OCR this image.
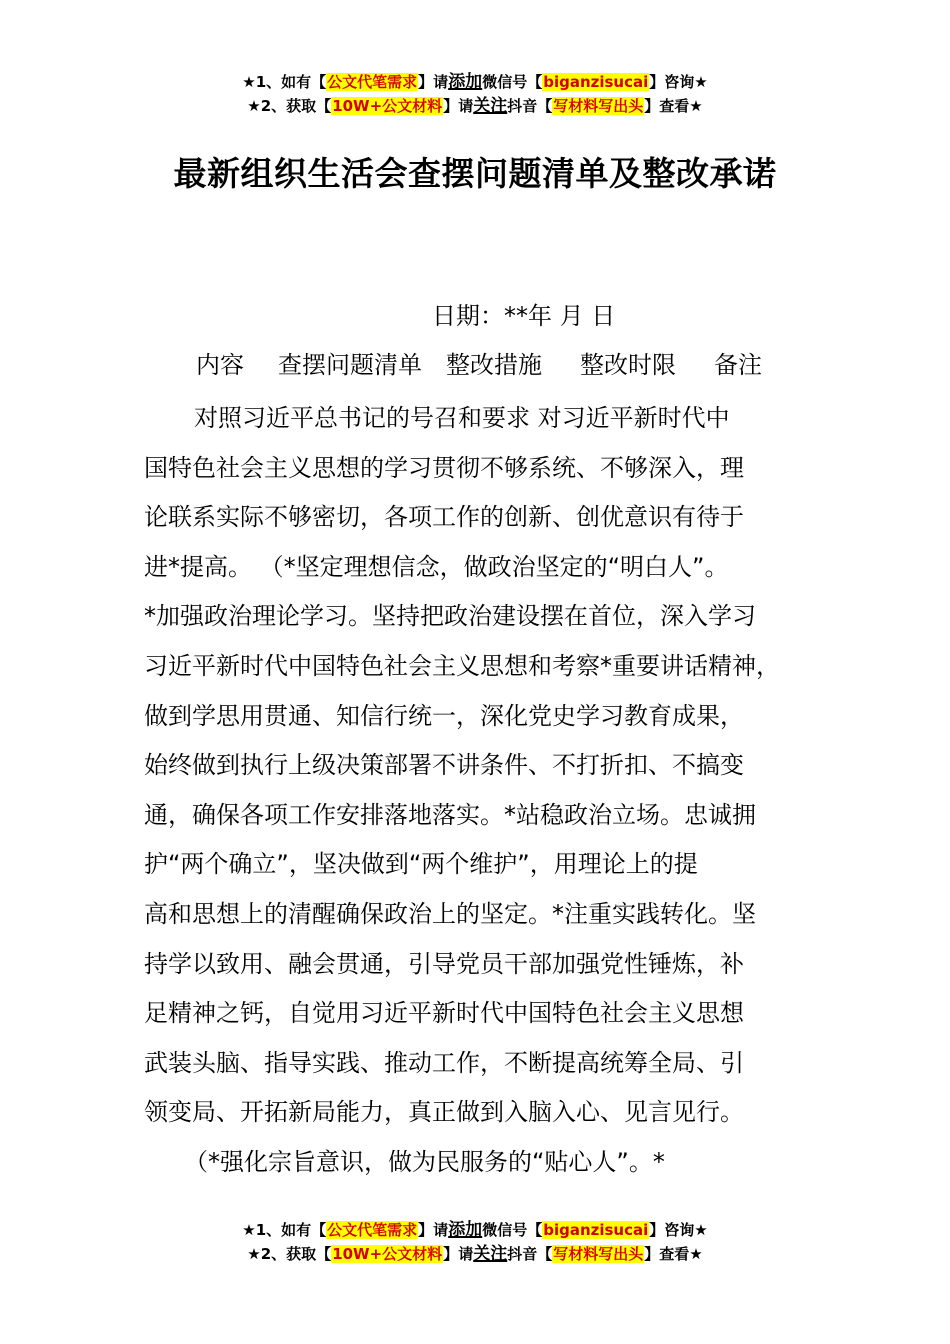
★1、如有【公文代笔需求】请添加微信号【biganzisucai】咨询★
★2、获取【10W+公文材料】请关注抖音【写材料写出头】查看★
最新组织生活会查摆问题清单及整改承诺
日期：**年 月 日
内容 查摆问题清单 整改措施 整改时限 备注

对照习近平总书记的号召和要求 对习近平新时代中

国特色社会主义思想的学习贯彻不够系统、不够深入，理

论联系实际不够密切，各项工作的创新、创优意识有待于

进*提高。 （*坚定理想信念，做政治坚定的“明白人”。

*加强政治理论学习。坚持把政治建设摆在首位，深入学习

习近平新时代中国特色社会主义思想和考察*重要讲话精神，

做到学思用贯通、知信行统一，深化党史学习教育成果，

始终做到执行上级决策部署不讲条件、不打折扣、不搞变

通，确保各项工作安排落地落实。*站稳政治立场。忠诚拥

护“两个确立”，坚决做到“两个维护”，用理论上的提

高和思想上的清醒确保政治上的坚定。*注重实践转化。坚

持学以致用、融会贯通，引导党员干部加强党性锤炼，补

足精神之钙，自觉用习近平新时代中国特色社会主义思想

武装头脑、指导实践、推动工作，不断提高统筹全局、引

领变局、开拓新局能力，真正做到入脑入心、见言见行。

（*强化宗旨意识，做为民服务的“贴心人”。*

★1、如有【公文代笔需求】请添加微信号【biganzisucai】咨询★
★2、获取【10W+公文材料】请关注抖音【写材料写出头】查看★
